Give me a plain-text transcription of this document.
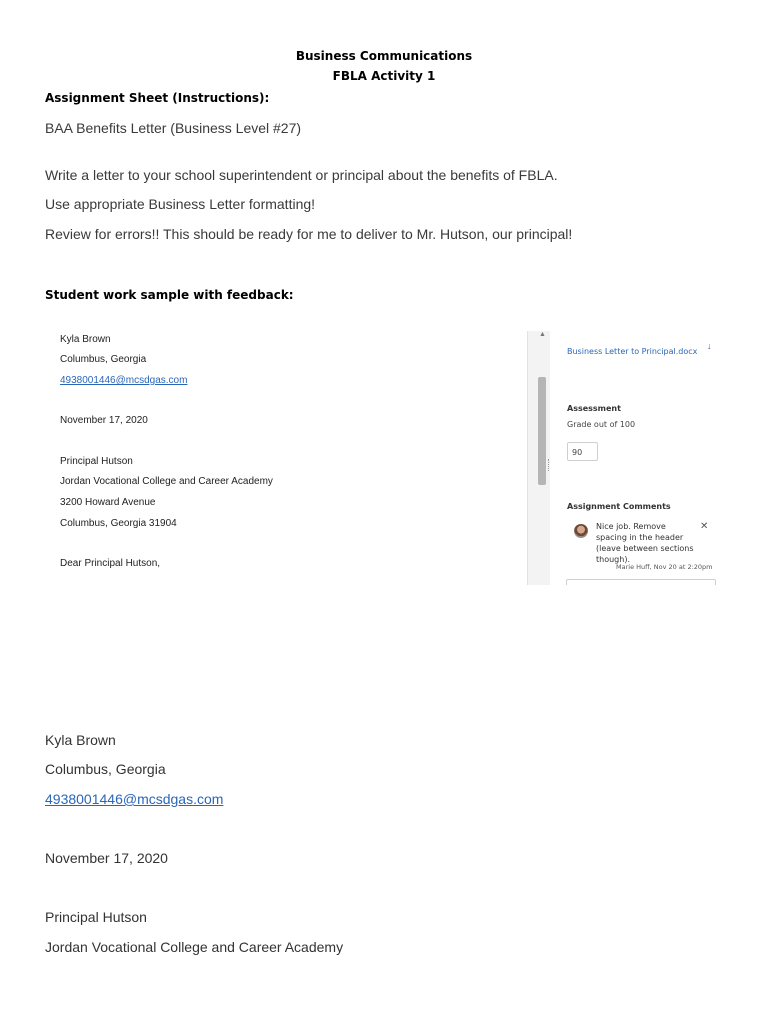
Business Communications
FBLA Activity 1
Assignment Sheet (Instructions):
BAA Benefits Letter (Business Level #27)
Write a letter to your school superintendent or principal about the benefits of FBLA.
Use appropriate Business Letter formatting!
Review for errors!! This should be ready for me to deliver to Mr. Hutson, our principal!
Student work sample with feedback:
Kyla Brown
Columbus, Georgia
4938001446@mcsdgas.com
November 17, 2020
Principal Hutson
Jordan Vocational College and Career Academy
3200 Howard Avenue
Columbus, Georgia 31904
Dear Principal Hutson,
▲
Business Letter to Principal.docx
↓
Assessment
Grade out of 100
90
Assignment Comments
Nice job. Remove spacing in the header (leave between sections though).
✕
Marie Huff, Nov 20 at 2:20pm
Kyla Brown
Columbus, Georgia
4938001446@mcsdgas.com
November 17, 2020
Principal Hutson
Jordan Vocational College and Career Academy
